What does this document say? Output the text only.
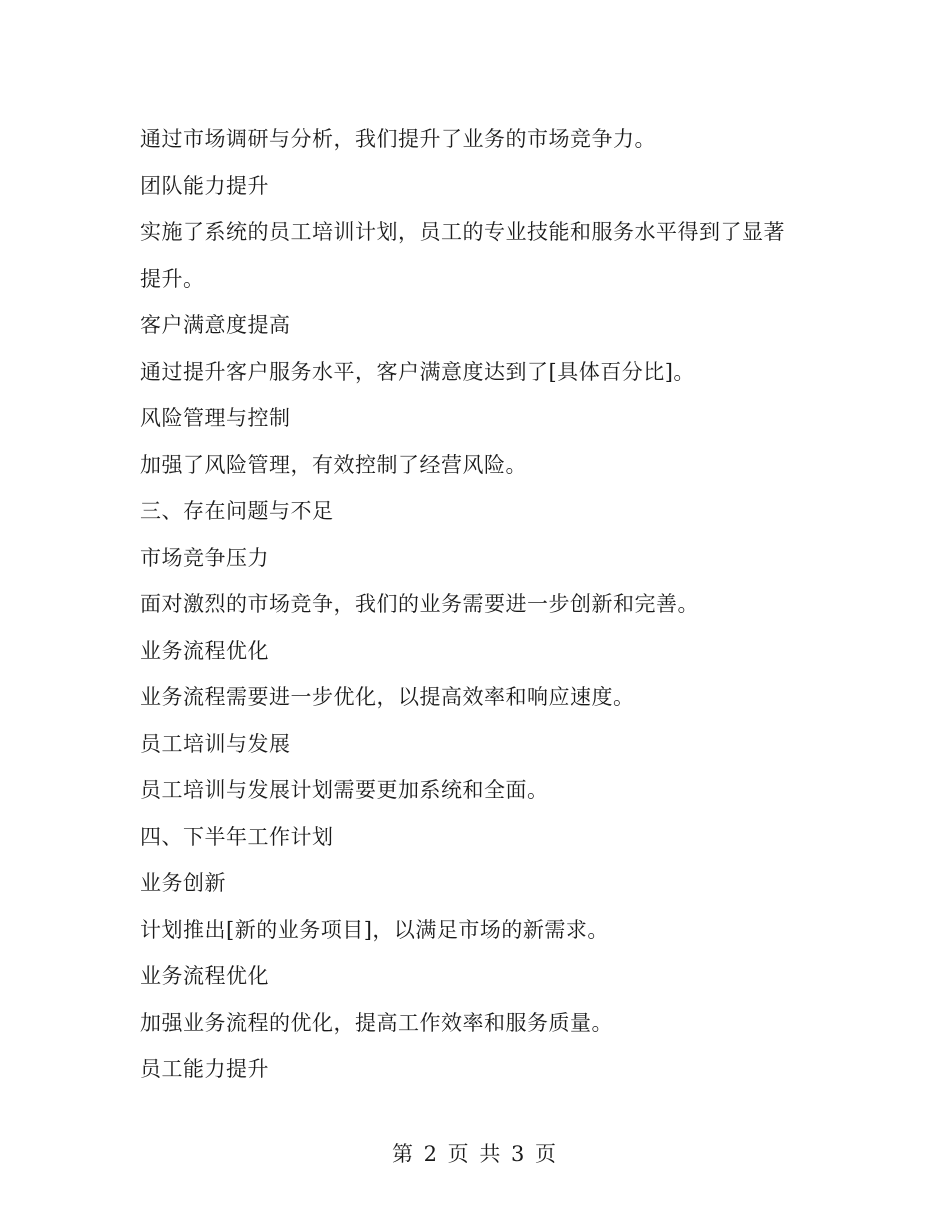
通过市场调研与分析，我们提升了业务的市场竞争力。

团队能力提升

实施了系统的员工培训计划，员工的专业技能和服务水平得到了显著

提升。

客户满意度提高

通过提升客户服务水平，客户满意度达到了[具体百分比]。

风险管理与控制

加强了风险管理，有效控制了经营风险。

三、存在问题与不足

市场竞争压力

面对激烈的市场竞争，我们的业务需要进一步创新和完善。

业务流程优化

业务流程需要进一步优化，以提高效率和响应速度。

员工培训与发展

员工培训与发展计划需要更加系统和全面。

四、下半年工作计划

业务创新

计划推出[新的业务项目]，以满足市场的新需求。

业务流程优化

加强业务流程的优化，提高工作效率和服务质量。

员工能力提升

第 2 页 共 3 页
